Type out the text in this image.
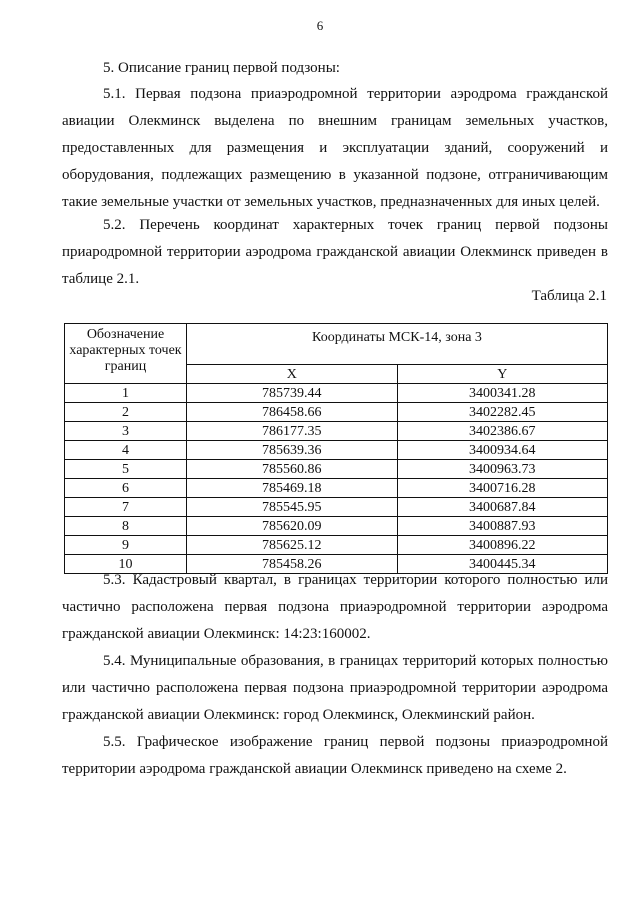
6
5. Описание границ первой подзоны:

5.1. Первая подзона приаэродромной территории аэродрома гражданской авиации Олекминск выделена по внешним границам земельных участков, предоставленных для размещения и эксплуатации зданий, сооружений и оборудования, подлежащих размещению в указанной подзоне, отграничивающим такие земельные участки от земельных участков, предназначенных для иных целей.

5.2. Перечень координат характерных точек границ первой подзоны приародромной территории аэродрома гражданской авиации Олекминск приведен в таблице 2.1.

Таблица 2.1
Обозначение характерных точек границ	Координаты МСК-14, зона 3	
	X	Y
1	785739.44	3400341.28
2	786458.66	3402282.45
3	786177.35	3402386.67
4	785639.36	3400934.64
5	785560.86	3400963.73
6	785469.18	3400716.28
7	785545.95	3400687.84
8	785620.09	3400887.93
9	785625.12	3400896.22
10	785458.26	3400445.34

5.3. Кадастровый квартал, в границах территории которого полностью или частично расположена первая подзона приаэродромной территории аэродрома гражданской авиации Олекминск: 14:23:160002.

5.4. Муниципальные образования, в границах территорий которых полностью или частично расположена первая подзона приаэродромной территории аэродрома гражданской авиации Олекминск: город Олекминск, Олекминский район.

5.5. Графическое изображение границ первой подзоны приаэродромной территории аэродрома гражданской авиации Олекминск приведено на схеме 2.
